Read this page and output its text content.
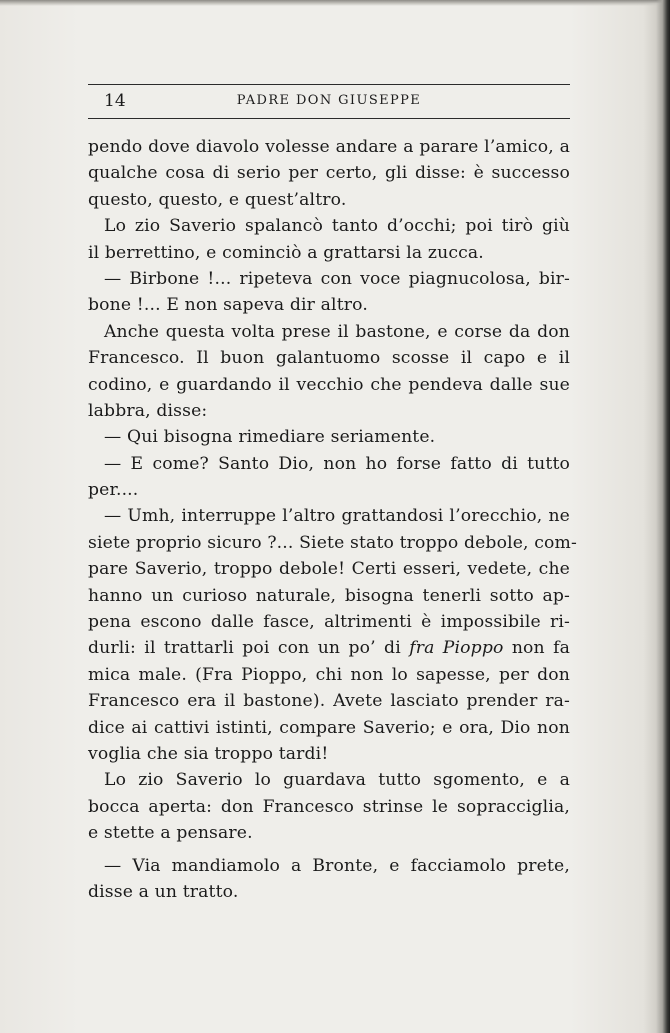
14	PADRE DON GIUSEPPE
pendo dove diavolo volesse andare a parare l’amico, a
qualche cosa di serio per certo, gli disse: è successo
questo, questo, e quest’altro.
Lo zio Saverio spalancò tanto d’occhi; poi tirò giù
il berrettino, e cominciò a grattarsi la zucca.
— Birbone !... ripeteva con voce piagnucolosa, bir-
bone !... E non sapeva dir altro.
Anche questa volta prese il bastone, e corse da don
Francesco. Il buon galantuomo scosse il capo e il
codino, e guardando il vecchio che pendeva dalle sue
labbra, disse:
— Qui bisogna rimediare seriamente.
— E come? Santo Dio, non ho forse fatto di tutto
per....
— Umh, interruppe l’altro grattandosi l’orecchio, ne
siete proprio sicuro ?... Siete stato troppo debole, com-
pare Saverio, troppo debole! Certi esseri, vedete, che
hanno un curioso naturale, bisogna tenerli sotto ap-
pena escono dalle fasce, altrimenti è impossibile ri-
durli: il trattarli poi con un po’ di fra Pioppo non fa
mica male. (Fra Pioppo, chi non lo sapesse, per don
Francesco era il bastone). Avete lasciato prender ra-
dice ai cattivi istinti, compare Saverio; e ora, Dio non
voglia che sia troppo tardi!
Lo zio Saverio lo guardava tutto sgomento, e a
bocca aperta: don Francesco strinse le sopracciglia,
e stette a pensare.
— Via mandiamolo a Bronte, e facciamolo prete,
disse a un tratto.
